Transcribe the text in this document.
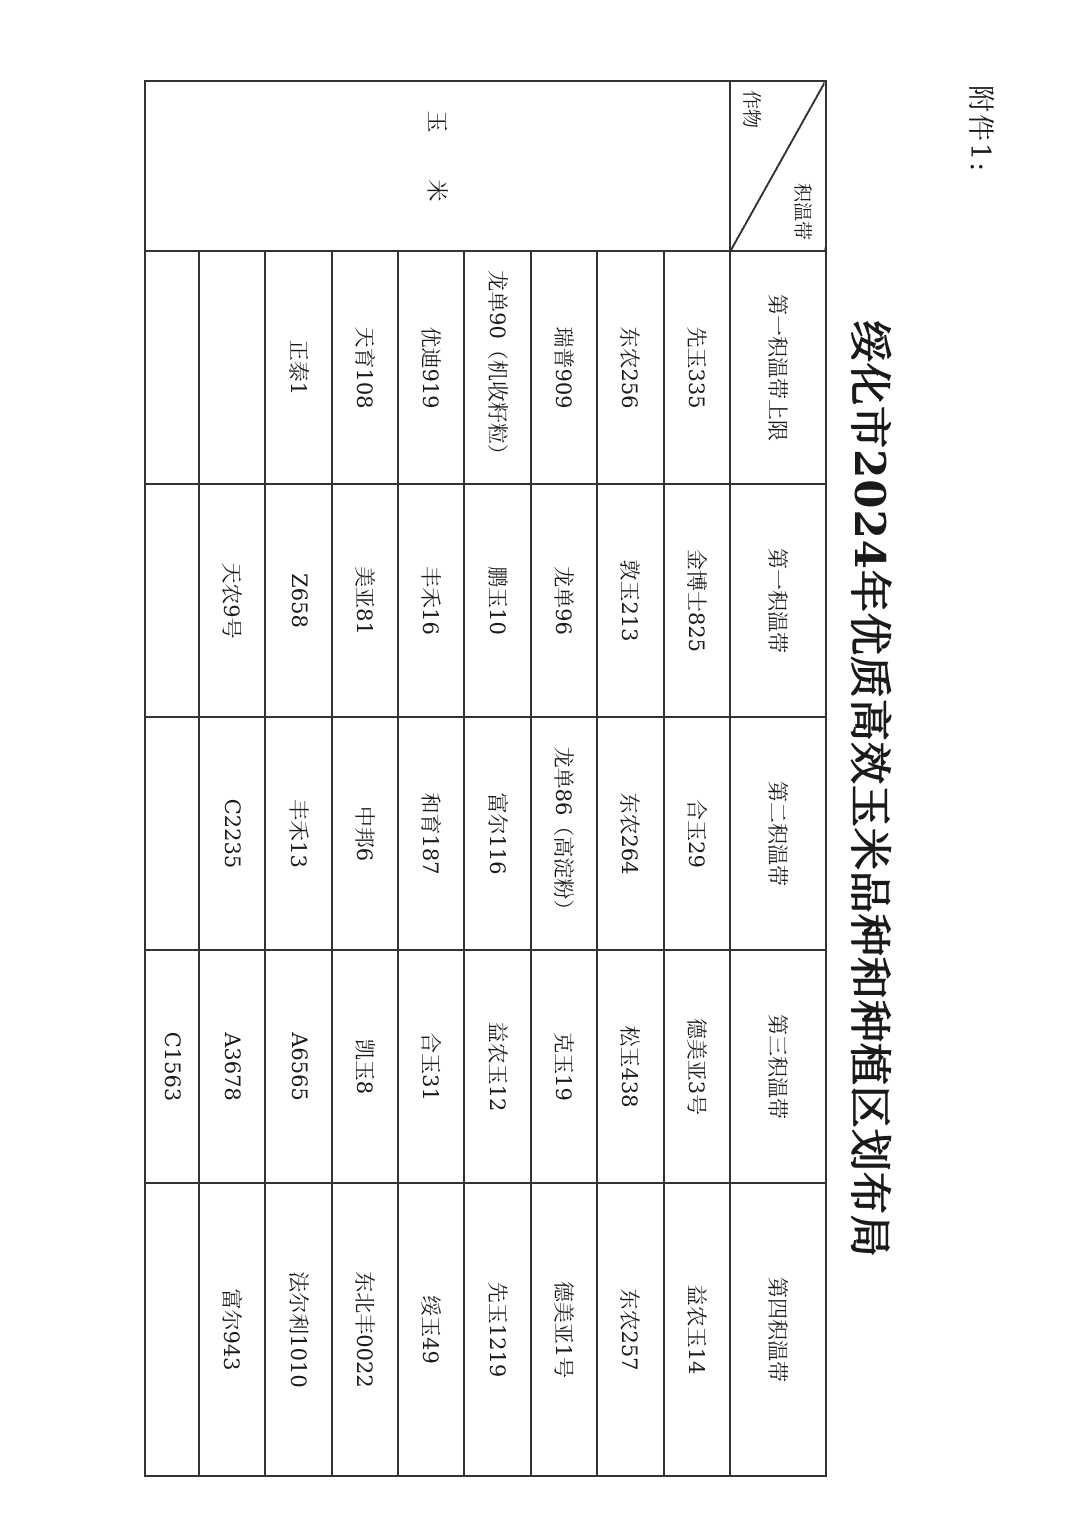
附件1:
绥化市2024年优质高效玉米品种和种植区划布局
积温带
作物	第一积温带上限	第一积温带	第二积温带	第三积温带	第四积温带
玉 米	先玉335	金博士825	合玉29	德美亚3号	益农玉14
	东农256	敦玉213	东农264	松玉438	东农257
	瑞普909	龙单96	龙单86（高淀粉）	克玉19	德美亚1号
	龙单90（机收籽粒）	鹏玉10	富尔116	益农玉12	先玉1219
	优迪919	丰禾16	和育187	合玉31	绥玉49
	天育108	美亚81	中邦6	凯玉8	东北丰0022
	正泰1	Z658	丰禾13	A6565	法尔利1010
		天农9号	C2235	A3678	富尔943
				C1563	
